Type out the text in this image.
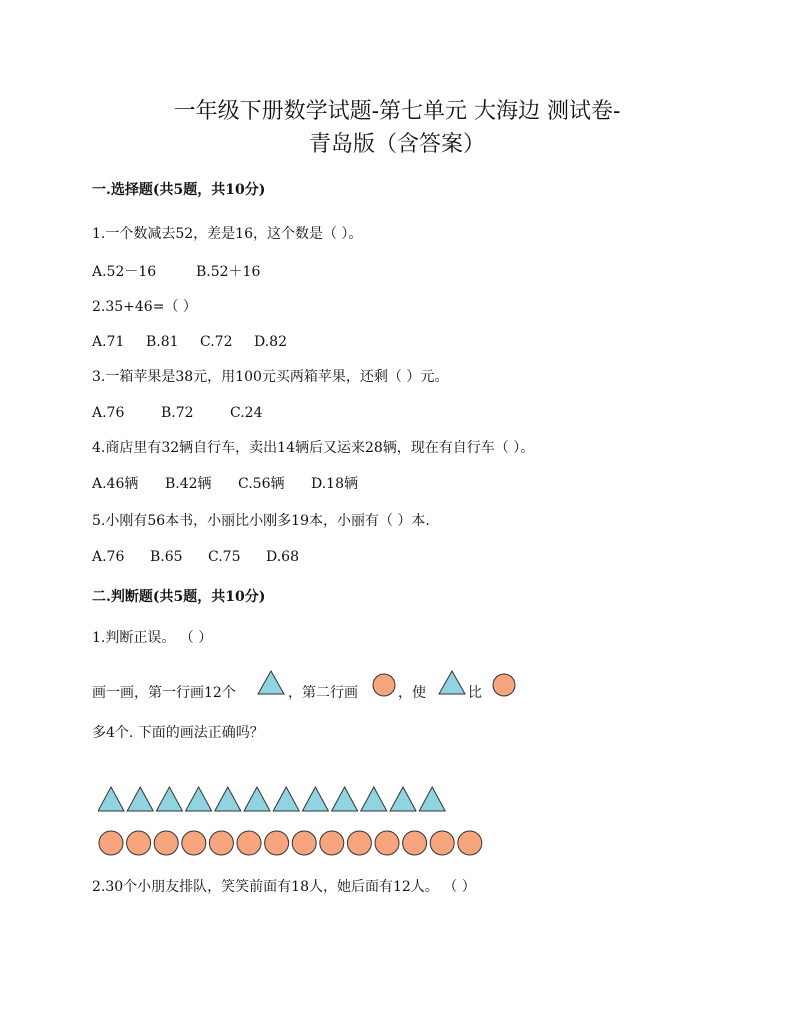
一年级下册数学试题-第七单元 大海边 测试卷-
青岛版（含答案）
一.选择题(共5题，共10分)
1.一个数减去52，差是16，这个数是（ ）。
A.52－16	B.52＋16
2.35+46=（ ）
A.71 B.81 C.72 D.82
3.一箱苹果是38元，用100元买两箱苹果，还剩（ ）元。
A.76	B.72	C.24
4.商店里有32辆自行车，卖出14辆后又运来28辆，现在有自行车（ ）。
A.46辆 B.42辆 C.56辆 D.18辆
5.小刚有56本书，小丽比小刚多19本，小丽有（ ）本.
A.76 B.65 C.75 D.68
二.判断题(共5题，共10分)
1.判断正误。 （ ）
画一画，第一行画12个	，第二行画	，使	比
多4个. 下面的画法正确吗？
2.30个小朋友排队，笑笑前面有18人，她后面有12人。 （ ）
